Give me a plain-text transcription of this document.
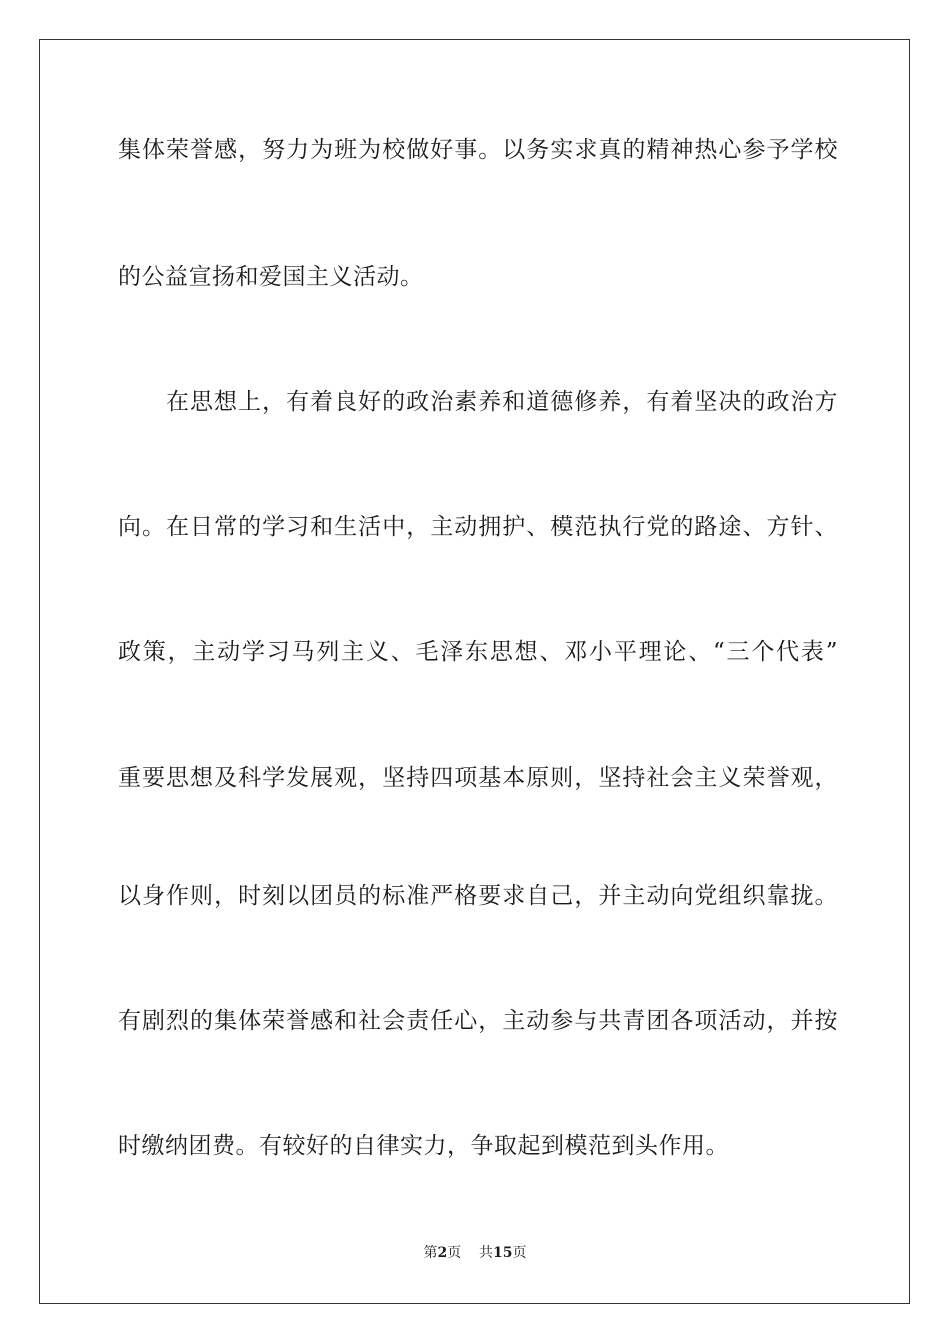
集体荣誉感，努力为班为校做好事。以务实求真的精神热心参予学校
的公益宣扬和爱国主义活动。
在思想上，有着良好的政治素养和道德修养，有着坚决的政治方
向。在日常的学习和生活中，主动拥护、模范执行党的路途、方针、
政策，主动学习马列主义、毛泽东思想、邓小平理论、“三个代表”
重要思想及科学发展观，坚持四项基本原则，坚持社会主义荣誉观，
以身作则，时刻以团员的标准严格要求自己，并主动向党组织靠拢。
有剧烈的集体荣誉感和社会责任心，主动参与共青团各项活动，并按
时缴纳团费。有较好的自律实力，争取起到模范到头作用。
第2页 共15页
